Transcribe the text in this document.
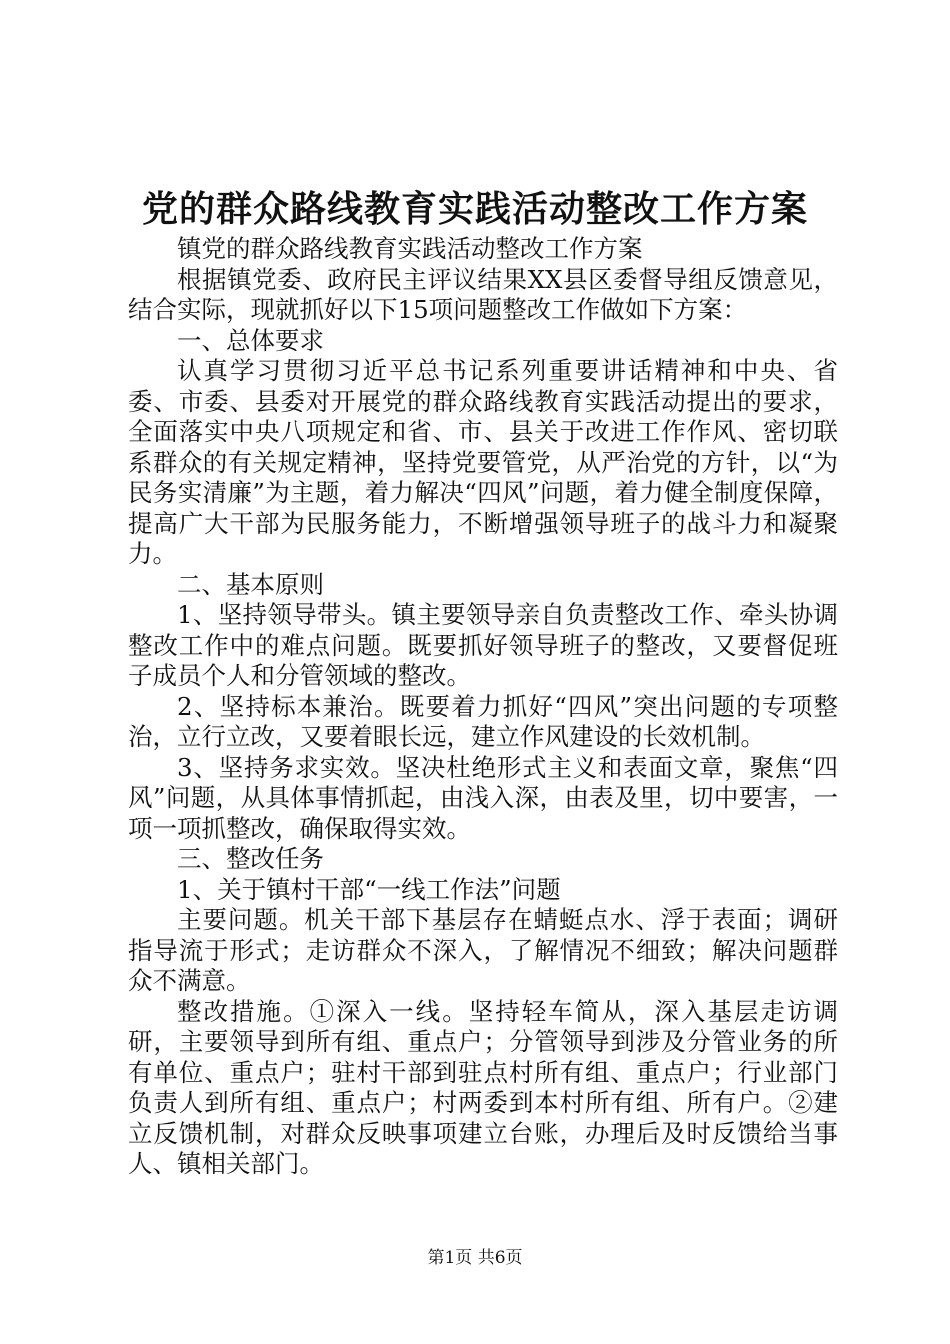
党的群众路线教育实践活动整改工作方案

镇党的群众路线教育实践活动整改工作方案

根据镇党委、政府民主评议结果XX县区委督导组反馈意见，结合实际，现就抓好以下15项问题整改工作做如下方案：

一、总体要求

认真学习贯彻习近平总书记系列重要讲话精神和中央、省委、市委、县委对开展党的群众路线教育实践活动提出的要求，全面落实中央八项规定和省、市、县关于改进工作作风、密切联系群众的有关规定精神，坚持党要管党，从严治党的方针，以“为民务实清廉”为主题，着力解决“四风”问题，着力健全制度保障，提高广大干部为民服务能力，不断增强领导班子的战斗力和凝聚力。

二、基本原则

1、坚持领导带头。镇主要领导亲自负责整改工作、牵头协调整改工作中的难点问题。既要抓好领导班子的整改，又要督促班子成员个人和分管领域的整改。

2、坚持标本兼治。既要着力抓好“四风”突出问题的专项整治，立行立改，又要着眼长远，建立作风建设的长效机制。

3、坚持务求实效。坚决杜绝形式主义和表面文章，聚焦“四风”问题，从具体事情抓起，由浅入深，由表及里，切中要害，一项一项抓整改，确保取得实效。

三、整改任务

1、关于镇村干部“一线工作法”问题

主要问题。机关干部下基层存在蜻蜓点水、浮于表面；调研指导流于形式；走访群众不深入，了解情况不细致；解决问题群众不满意。

整改措施。①深入一线。坚持轻车简从，深入基层走访调研，主要领导到所有组、重点户；分管领导到涉及分管业务的所有单位、重点户；驻村干部到驻点村所有组、重点户；行业部门负责人到所有组、重点户；村两委到本村所有组、所有户。②建立反馈机制，对群众反映事项建立台账，办理后及时反馈给当事人、镇相关部门。

第1页 共6页
